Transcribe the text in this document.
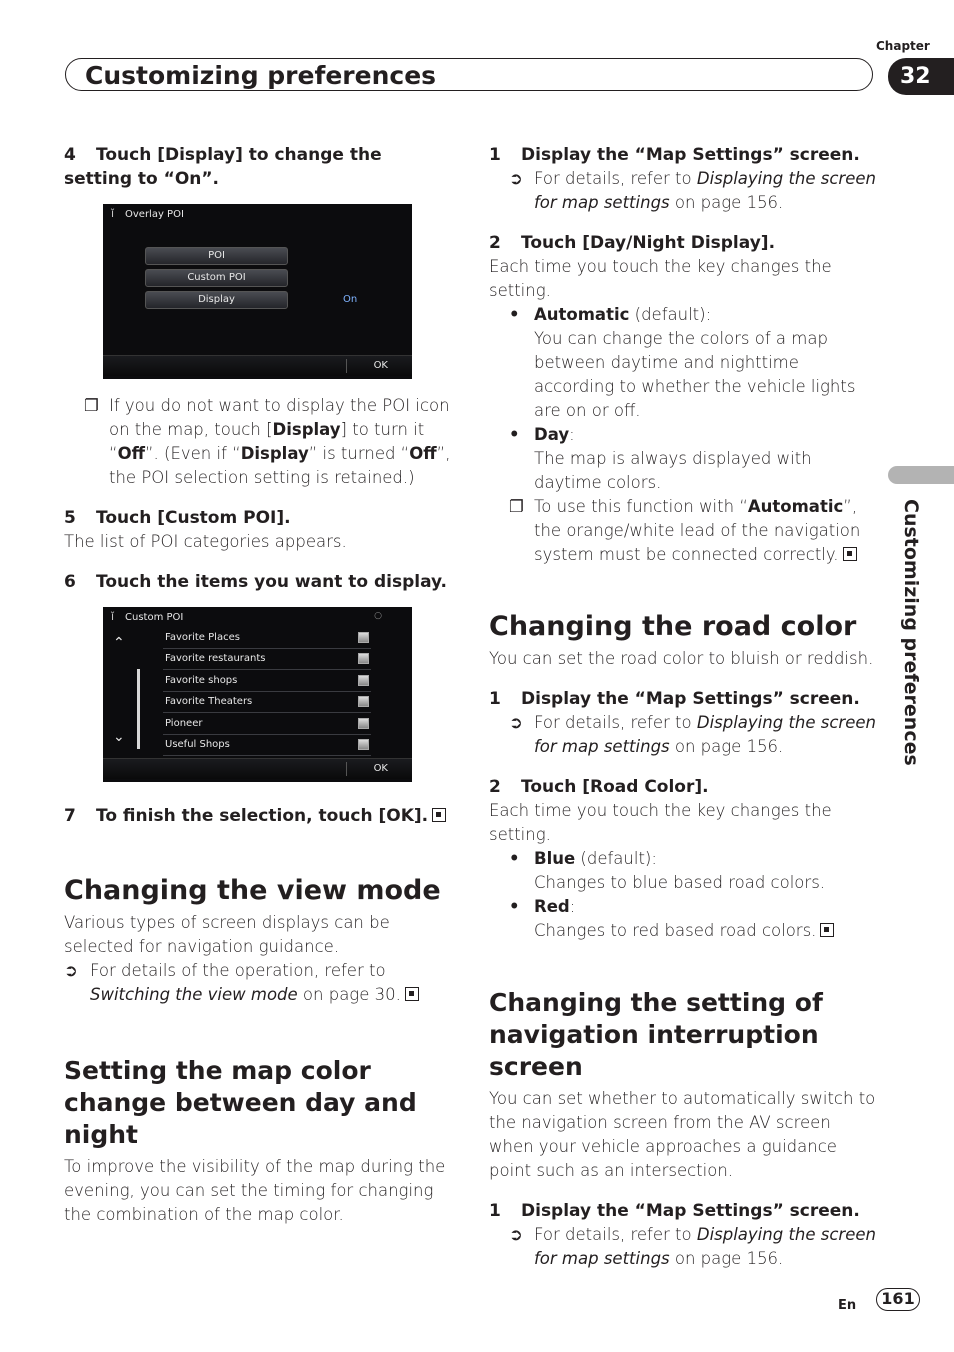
Chapter
Customizing preferences	32
Customizing preferences

4 Touch [Display] to change the setting to “On”.

ǐ	Overlay POI
POI
Custom POI
Display	On
OK

❐ If you do not want to display the POI icon on the map, touch [Display] to turn it “Off”. (Even if “Display” is turned “Off”, the POI selection setting is retained.)

5 Touch [Custom POI].

The list of POI categories appears.

6 Touch the items you want to display.

ǐ	Custom POI	○
⌃
⌄
Favorite Places
Favorite restaurants
Favorite shops
Favorite Theaters
Pioneer
Useful Shops
OK

7 To finish the selection, touch [OK].

Changing the view mode

Various types of screen displays can be selected for navigation guidance.

➲ For details of the operation, refer to Switching the view mode on page 30.

Setting the map color change between day and night

To improve the visibility of the map during the evening, you can set the timing for changing the combination of the map color.

1 Display the “Map Settings” screen.

➲ For details, refer to Displaying the screen for map settings on page 156.

2 Touch [Day/Night Display].

Each time you touch the key changes the setting.

• Automatic (default):

You can change the colors of a map between daytime and nighttime according to whether the vehicle lights are on or off.

• Day:

The map is always displayed with daytime colors.

❐ To use this function with “Automatic”, the orange/white lead of the navigation system must be connected correctly.

Changing the road color

You can set the road color to bluish or reddish.

1 Display the “Map Settings” screen.

➲ For details, refer to Displaying the screen for map settings on page 156.

2 Touch [Road Color].

Each time you touch the key changes the setting.

• Blue (default):

Changes to blue based road colors.

• Red:

Changes to red based road colors.

Changing the setting of navigation interruption screen

You can set whether to automatically switch to the navigation screen from the AV screen when your vehicle approaches a guidance point such as an intersection.

1 Display the “Map Settings” screen.

➲ For details, refer to Displaying the screen for map settings on page 156.

En	161
